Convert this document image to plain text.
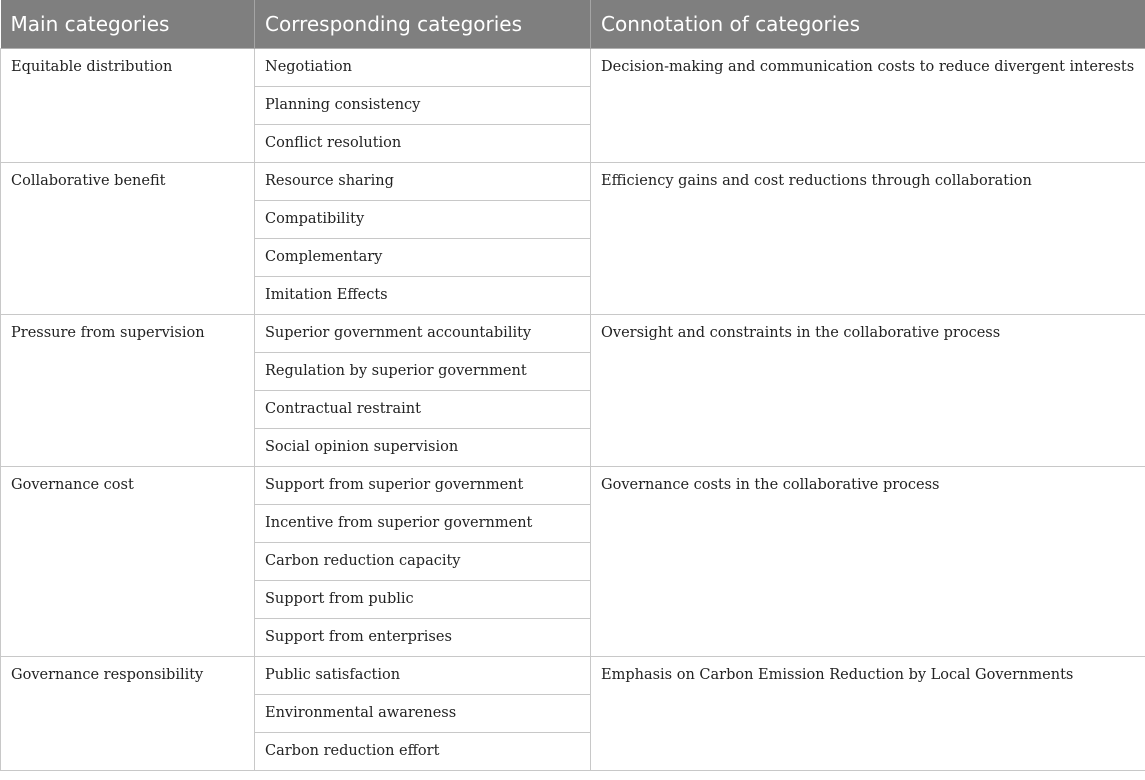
Main categories	Corresponding categories	Connotation of categories
Equitable distribution	Negotiation	Decision-making and communication costs to reduce divergent interests
	Planning consistency	
	Conflict resolution	
Collaborative benefit	Resource sharing	Efficiency gains and cost reductions through collaboration
	Compatibility	
	Complementary	
	Imitation Effects	
Pressure from supervision	Superior government accountability	Oversight and constraints in the collaborative process
	Regulation by superior government	
	Contractual restraint	
	Social opinion supervision	
Governance cost	Support from superior government	Governance costs in the collaborative process
	Incentive from superior government	
	Carbon reduction capacity	
	Support from public	
	Support from enterprises	
Governance responsibility	Public satisfaction	Emphasis on Carbon Emission Reduction by Local Governments
	Environmental awareness	
	Carbon reduction effort	
